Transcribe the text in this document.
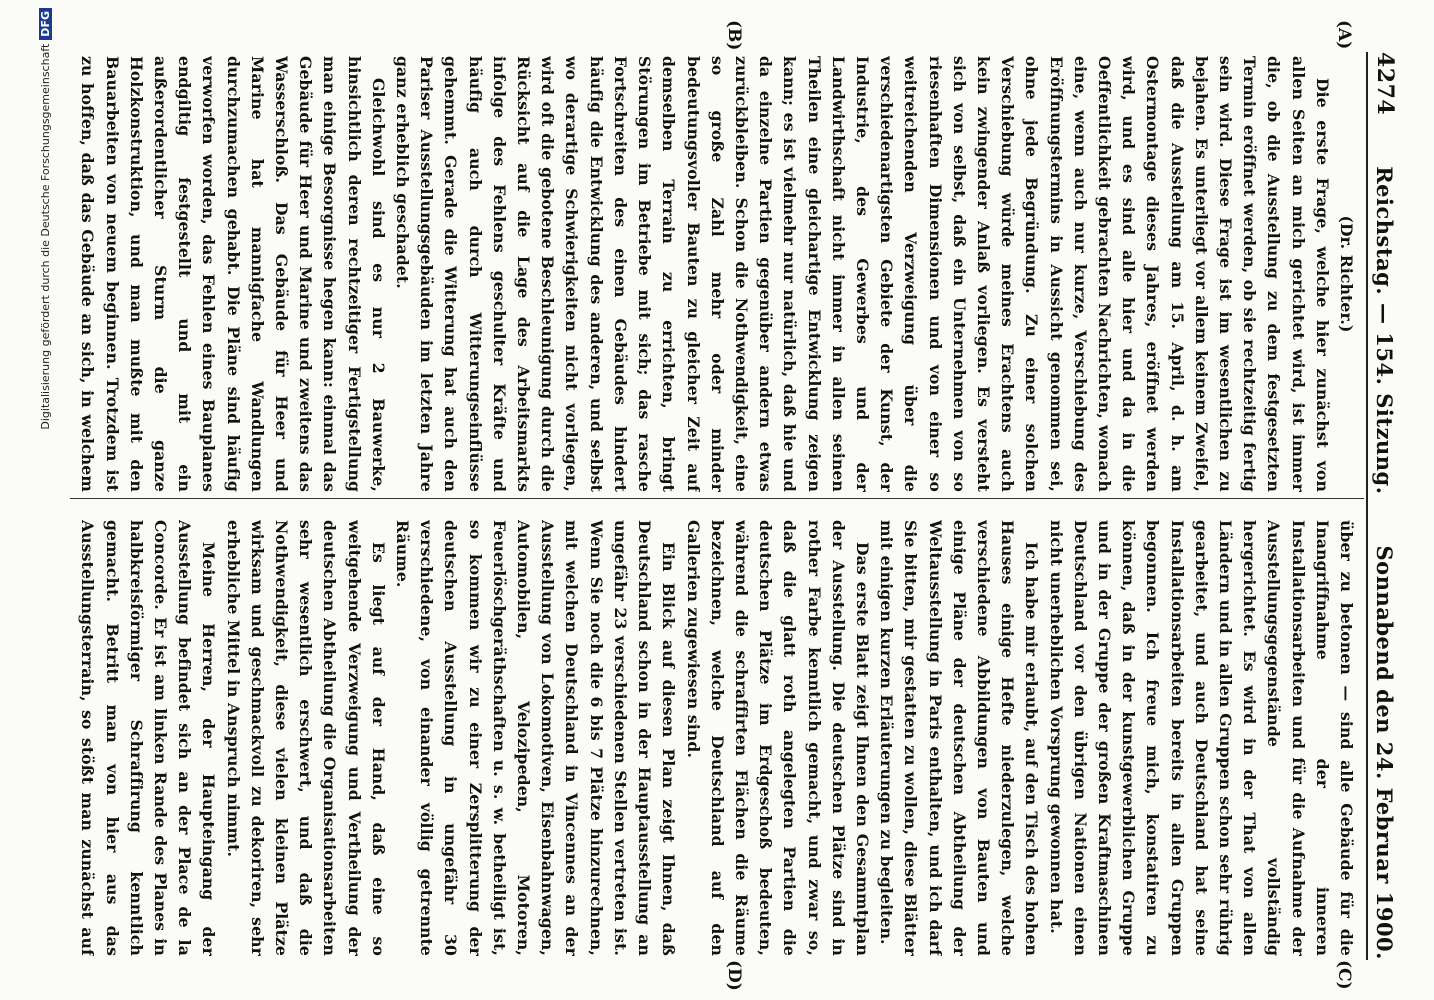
4274
Reichstag. — 154. Sitzung.
Sonnabend den 24. Februar 1900.
(A)
(B)
(C)
(D)

(Dr. Richter.)

Die erste Frage, welche hier zunächst von allen Seiten an mich gerichtet wird, ist immer die, ob die Ausstellung zu dem festgesetzten Termin eröffnet werden, ob sie rechtzeitig fertig sein wird. Diese Frage ist im wesentlichen zu bejahen. Es unterliegt vor allem keinem Zweifel, daß die Ausstellung am 15. April, d. h. am Ostermontage dieses Jahres, eröffnet werden wird, und es sind alle hier und da in die Oeffentlichkeit gebrachten Nachrichten, wonach eine, wenn auch nur kurze, Verschiebung des Eröffnungstermins in Aussicht genommen sei, ohne jede Begründung. Zu einer solchen Verschiebung würde meines Erachtens auch kein zwingender Anlaß vorliegen. Es versteht sich von selbst, daß ein Unternehmen von so riesenhaften Dimensionen und von einer so weitreichenden Verzweigung über die verschiedenartigsten Gebiete der Kunst, der Industrie, des Gewerbes und der Landwirthschaft nicht immer in allen seinen Theilen eine gleichartige Entwicklung zeigen kann; es ist vielmehr nur natürlich, daß hie und da einzelne Partien gegenüber andern etwas zurückbleiben. Schon die Nothwendigkeit, eine so große Zahl mehr oder minder bedeutungsvoller Bauten zu gleicher Zeit auf demselben Terrain zu errichten, bringt Störungen im Betriebe mit sich; das rasche Fortschreiten des einen Gebäudes hindert häufig die Entwicklung des anderen, und selbst wo derartige Schwierigkeiten nicht vorliegen, wird oft die gebotene Beschleunigung durch die Rücksicht auf die Lage des Arbeitsmarkts infolge des Fehlens geschulter Kräfte und häufig auch durch Witterungseinflüsse gehemmt. Gerade die Witterung hat auch den Pariser Ausstellungsgebäuden im letzten Jahre ganz erheblich geschadet.

Gleichwohl sind es nur 2 Bauwerke, hinsichtlich deren rechtzeitiger Fertigstellung man einige Besorgnisse hegen kann: einmal das Gebäude für Heer und Marine und zweitens das Wasserschloß. Das Gebäude für Heer und Marine hat mannigfache Wandlungen durchzumachen gehabt. Die Pläne sind häufig verworfen worden, das Fehlen eines Bauplanes endgiltig festgestellt und mit ein außerordentlicher Sturm die ganze Holzkonstruktion, und man mußte mit den Bauarbeiten von neuem beginnen. Trotzdem ist zu hoffen, daß das Gebäude an sich, in welchem

über zu betonen — sind alle Gebäude für die Inangriffnahme der inneren Installationsarbeiten und für die Aufnahme der Ausstellungsgegenstände vollständig hergerichtet. Es wird in der That von allen Ländern und in allen Gruppen schon sehr rührig gearbeitet, und auch Deutschland hat seine Installationsarbeiten bereits in allen Gruppen begonnen. Ich freue mich, konstatiren zu können, daß in der kunstgewerblichen Gruppe und in der Gruppe der großen Kraftmaschinen Deutschland vor den übrigen Nationen einen nicht unerheblichen Vorsprung gewonnen hat.

Ich habe mir erlaubt, auf den Tisch des hohen Hauses einige Hefte niederzulegen, welche verschiedene Abbildungen von Bauten und einige Pläne der deutschen Abtheilung der Weltausstellung in Paris enthalten, und ich darf Sie bitten, mir gestatten zu wollen, diese Blätter mit einigen kurzen Erläuterungen zu begleiten.

Das erste Blatt zeigt Ihnen den Gesammtplan der Ausstellung. Die deutschen Plätze sind in rother Farbe kenntlich gemacht, und zwar so, daß die glatt roth angelegten Partien die deutschen Plätze im Erdgeschoß bedeuten, während die schraffirten Flächen die Räume bezeichnen, welche Deutschland auf den Gallerien zugewiesen sind.

Ein Blick auf diesen Plan zeigt Ihnen, daß Deutschland schon in der Hauptausstellung an ungefähr 23 verschiedenen Stellen vertreten ist. Wenn Sie noch die 6 bis 7 Plätze hinzurechnen, mit welchen Deutschland in Vincennes an der Ausstellung von Lokomotiven, Eisenbahnwagen, Automobilen, Velozipeden, Motoren, Feuerlöschgeräthschaften u. s. w. betheiligt ist, so kommen wir zu einer Zersplitterung der deutschen Ausstellung in ungefähr 30 verschiedene, von einander völlig getrennte Räume.

Es liegt auf der Hand, daß eine so weitgehende Verzweigung und Vertheilung der deutschen Abtheilung die Organisationsarbeiten sehr wesentlich erschwert, und daß die Nothwendigkeit, diese vielen kleinen Plätze wirksam und geschmackvoll zu dekoriren, sehr erhebliche Mittel in Anspruch nimmt.

Meine Herren, der Haupteingang der Ausstellung befindet sich an der Place de la Concorde. Er ist am linken Rande des Planes in halbkreisförmiger Schraffirung kenntlich gemacht. Betritt man von hier aus das Ausstellungsterrain, so stößt man zunächst auf

Digitalisierung gefördert durch die Deutsche Forschungsgemeinschaft
DFG
